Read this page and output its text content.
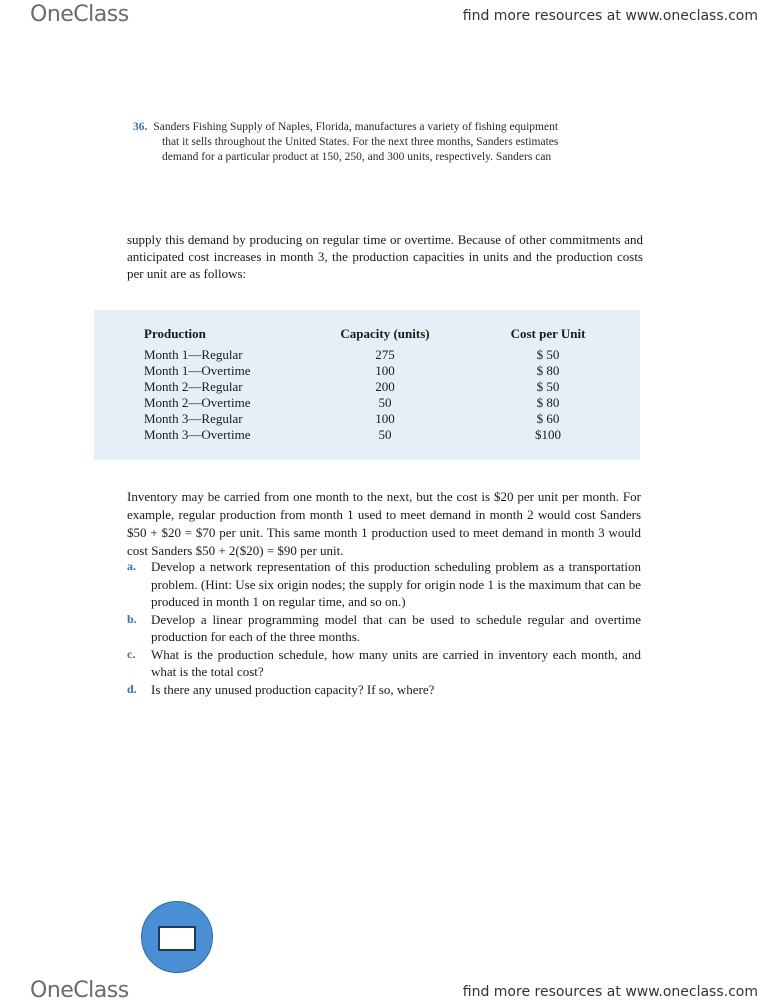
OneClass	find more resources at www.oneclass.com
36. Sanders Fishing Supply of Naples, Florida, manufactures a variety of fishing equipment
that it sells throughout the United States. For the next three months, Sanders estimates
demand for a particular product at 150, 250, and 300 units, respectively. Sanders can
supply this demand by producing on regular time or overtime. Because of other commitments and anticipated cost increases in month 3, the production capacities in units and the production costs per unit are as follows:
Production	Capacity (units)	Cost per Unit
Month 1—Regular	275	$ 50
Month 1—Overtime	100	$ 80
Month 2—Regular	200	$ 50
Month 2—Overtime	50	$ 80
Month 3—Regular	100	$ 60
Month 3—Overtime	50	$100
Inventory may be carried from one month to the next, but the cost is $20 per unit per month. For example, regular production from month 1 used to meet demand in month 2 would cost Sanders $50 + $20 = $70 per unit. This same month 1 production used to meet demand in month 3 would cost Sanders $50 + 2($20) = $90 per unit.
a.	Develop a network representation of this production scheduling problem as a transportation problem. (Hint: Use six origin nodes; the supply for origin node 1 is the maximum that can be produced in month 1 on regular time, and so on.)
b.	Develop a linear programming model that can be used to schedule regular and overtime production for each of the three months.
c.	What is the production schedule, how many units are carried in inventory each month, and what is the total cost?
d.	Is there any unused production capacity? If so, where?
OneClass	find more resources at www.oneclass.com
